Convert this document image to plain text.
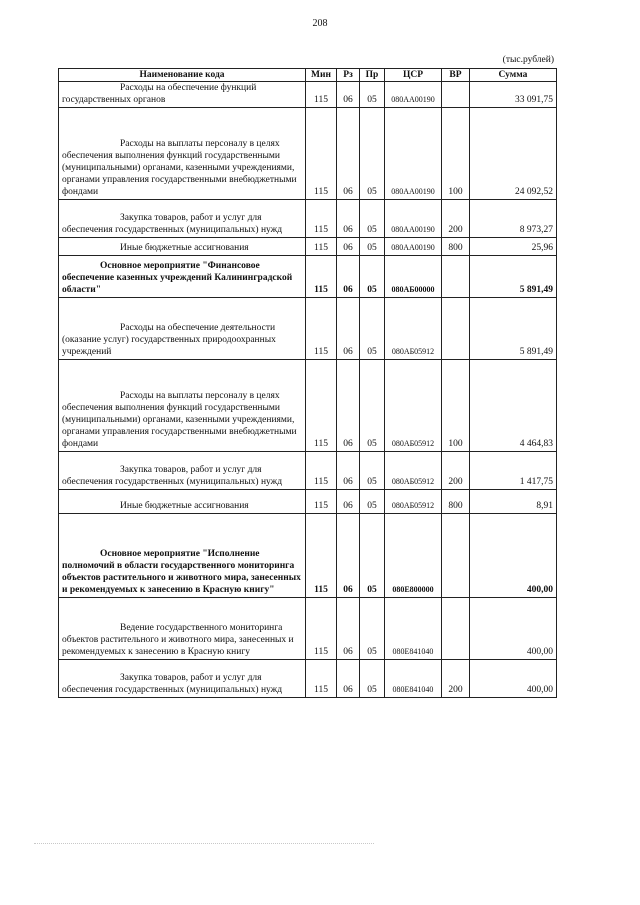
208
(тыс.рублей)
Наименование кода	Мин	Рз	Пр	ЦСР	ВР	Сумма
Расходы на обеспечение функций государственных органов	115	06	05	080АА00190		33 091,75
Расходы на выплаты персоналу в целях обеспечения выполнения функций государственными (муниципальными) органами, казенными учреждениями, органами управления государственными внебюджетными фондами	115	06	05	080АА00190	100	24 092,52
Закупка товаров, работ и услуг для обеспечения государственных (муниципальных) нужд	115	06	05	080АА00190	200	8 973,27
Иные бюджетные ассигнования	115	06	05	080АА00190	800	25,96
Основное мероприятие "Финансовое обеспечение казенных учреждений Калининградской области"	115	06	05	080АБ00000		5 891,49
Расходы на обеспечение деятельности (оказание услуг) государственных природоохранных учреждений	115	06	05	080АБ05912		5 891,49
Расходы на выплаты персоналу в целях обеспечения выполнения функций государственными (муниципальными) органами, казенными учреждениями, органами управления государственными внебюджетными фондами	115	06	05	080АБ05912	100	4 464,83
Закупка товаров, работ и услуг для обеспечения государственных (муниципальных) нужд	115	06	05	080АБ05912	200	1 417,75
Иные бюджетные ассигнования	115	06	05	080АБ05912	800	8,91
Основное мероприятие "Исполнение полномочий в области государственного мониторинга объектов растительного и животного мира, занесенных и рекомендуемых к занесению в Красную книгу"	115	06	05	080Е800000		400,00
Ведение государственного мониторинга объектов растительного и животного мира, занесенных и рекомендуемых к занесению в Красную книгу	115	06	05	080Е841040		400,00
Закупка товаров, работ и услуг для обеспечения государственных (муниципальных) нужд	115	06	05	080Е841040	200	400,00
